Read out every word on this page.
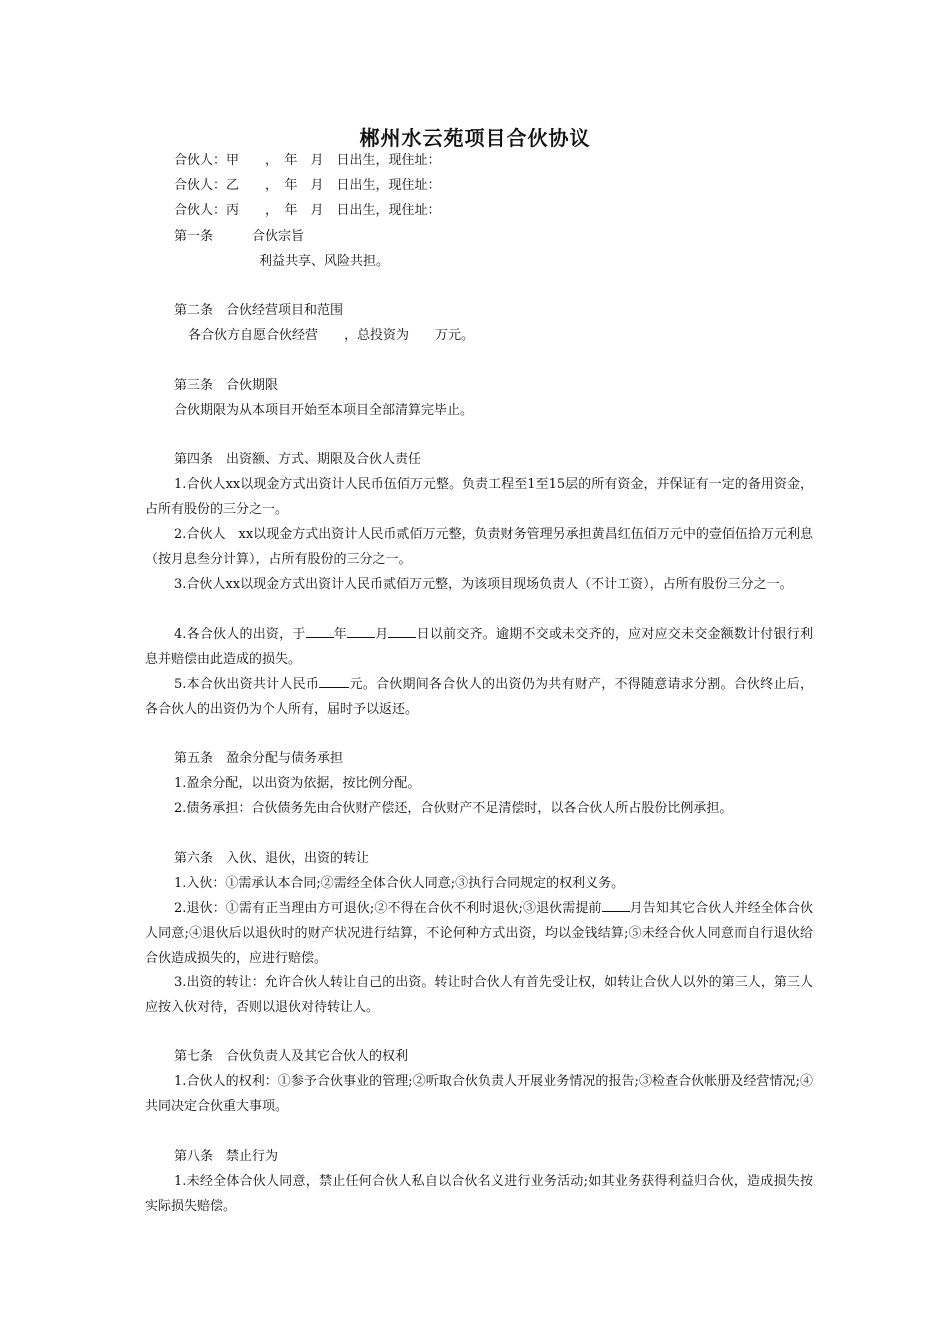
郴州水云苑项目合伙协议
合伙人：甲　　，　年　月　日出生，现住址：
合伙人：乙　　，　年　月　日出生，现住址：
合伙人：丙　　，　年　月　日出生，现住址：
第一条　　　合伙宗旨
利益共享、风险共担。
第二条　合伙经营项目和范围
各合伙方自愿合伙经营　　，总投资为　　万元。
第三条　合伙期限
合伙期限为从本项目开始至本项目全部清算完毕止。
第四条　出资额、方式、期限及合伙人责任
1.合伙人xx以现金方式出资计人民币伍佰万元整。负责工程至1至15层的所有资金，并保证有一定的备用资金，占所有股份的三分之一。
2.合伙人　xx以现金方式出资计人民币贰佰万元整，负责财务管理另承担黄昌红伍佰万元中的壹佰伍拾万元利息（按月息叁分计算），占所有股份的三分之一。
3.合伙人xx以现金方式出资计人民币贰佰万元整，为该项目现场负责人（不计工资），占所有股份三分之一。
4.各合伙人的出资，于 年 月 日以前交齐。逾期不交或未交齐的，应对应交未交金额数计付银行利息并赔偿由此造成的损失。
5.本合伙出资共计人民币 元。合伙期间各合伙人的出资仍为共有财产，不得随意请求分割。合伙终止后，各合伙人的出资仍为个人所有，届时予以返还。
第五条　盈余分配与债务承担
1.盈余分配，以出资为依据，按比例分配。
2.债务承担：合伙债务先由合伙财产偿还，合伙财产不足清偿时，以各合伙人所占股份比例承担。
第六条　入伙、退伙，出资的转让
1.入伙：①需承认本合同;②需经全体合伙人同意;③执行合同规定的权利义务。
2.退伙：①需有正当理由方可退伙;②不得在合伙不利时退伙;③退伙需提前 月告知其它合伙人并经全体合伙人同意;④退伙后以退伙时的财产状况进行结算，不论何种方式出资，均以金钱结算;⑤未经合伙人同意而自行退伙给合伙造成损失的，应进行赔偿。
3.出资的转让：允许合伙人转让自己的出资。转让时合伙人有首先受让权，如转让合伙人以外的第三人，第三人应按入伙对待，否则以退伙对待转让人。
第七条　合伙负责人及其它合伙人的权利
1.合伙人的权利：①参予合伙事业的管理;②听取合伙负责人开展业务情况的报告;③检查合伙帐册及经营情况;④共同决定合伙重大事项。
第八条　禁止行为
1.未经全体合伙人同意，禁止任何合伙人私自以合伙名义进行业务活动;如其业务获得利益归合伙，造成损失按实际损失赔偿。
